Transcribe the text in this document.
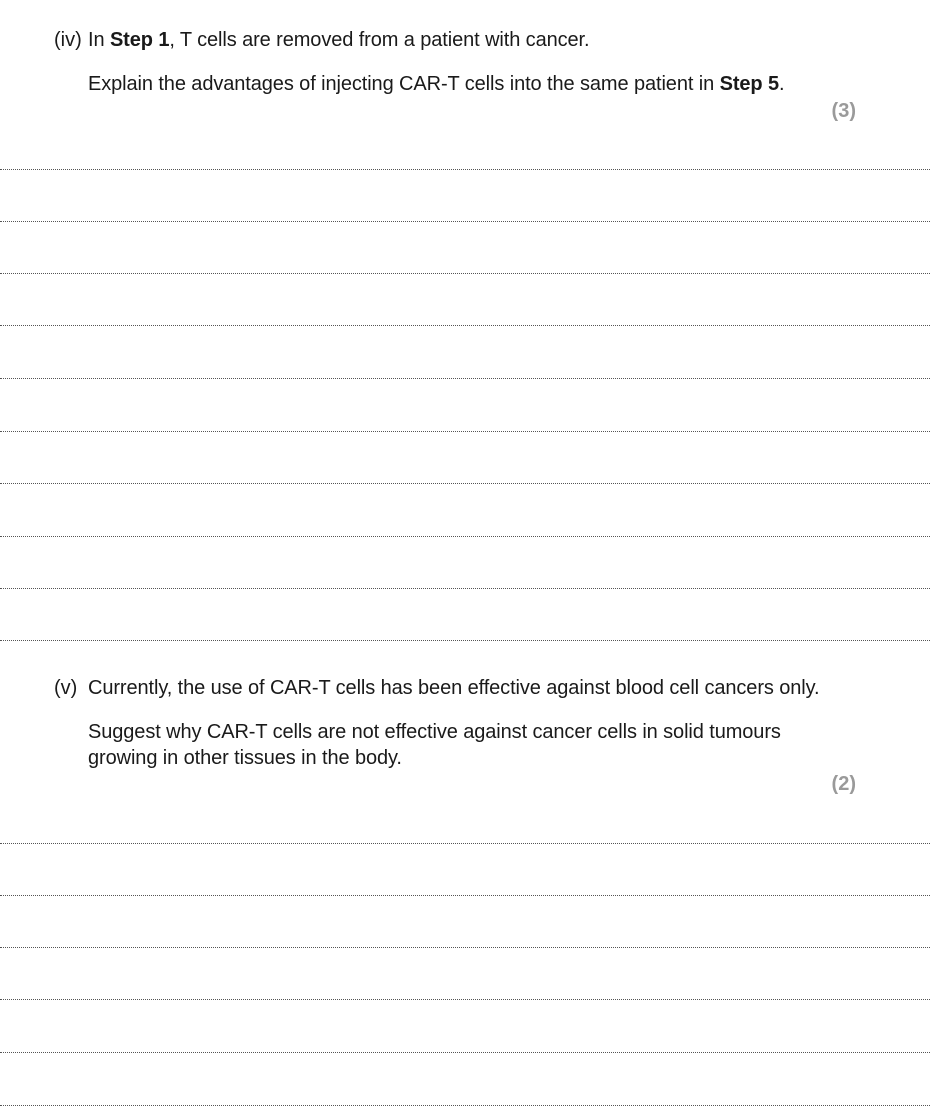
(iv) In Step 1, T cells are removed from a patient with cancer.
Explain the advantages of injecting CAR-T cells into the same patient in Step 5.
(3)
(v) Currently, the use of CAR-T cells has been effective against blood cell cancers only.
Suggest why CAR-T cells are not effective against cancer cells in solid tumours
growing in other tissues in the body.
(2)
